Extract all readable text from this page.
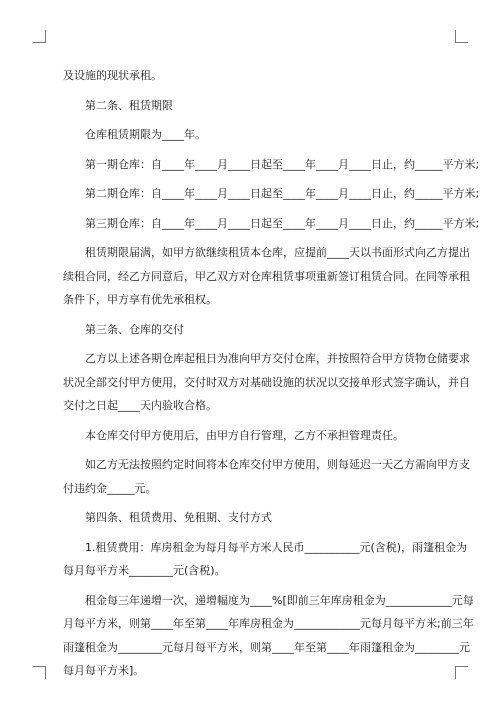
及设施的现状承租。

第二条、租赁期限

仓库租赁期限为____年。

第一期仓库：自____年____月____日起至____年____月____日止，约_____平方米;

第二期仓库：自____年____月____日起至____年____月____日止，约_____平方米;

第三期仓库：自____年____月____日起至____年____月____日止，约_____平方米;

租赁期限届满，如甲方欲继续租赁本仓库，应提前____天以书面形式向乙方提出

续租合同，经乙方同意后，甲乙双方对仓库租赁事项重新签订租赁合同。在同等承租

条件下，甲方享有优先承租权。

第三条、仓库的交付

乙方以上述各期仓库起租日为准向甲方交付仓库，并按照符合甲方货物仓储要求

状况全部交付甲方使用，交付时双方对基础设施的状况以交接单形式签字确认，并自

交付之日起____天内验收合格。

本仓库交付甲方使用后，由甲方自行管理，乙方不承担管理责任。

如乙方无法按照约定时间将本仓库交付甲方使用，则每延迟一天乙方需向甲方支

付违约金_____元。

第四条、租赁费用、免租期、支付方式

1.租赁费用：库房租金为每月每平方米人民币__________元(含税)，雨篷租金为

每月每平方米________元(含税)。

租金每三年递增一次，递增幅度为____%[即前三年库房租金为____________元每

月每平方米，则第____年至第____年库房租金为____________元每月每平方米;前三年

雨篷租金为________元每月每平方米，则第____年至第____年雨篷租金为________元

每月每平方米]。
